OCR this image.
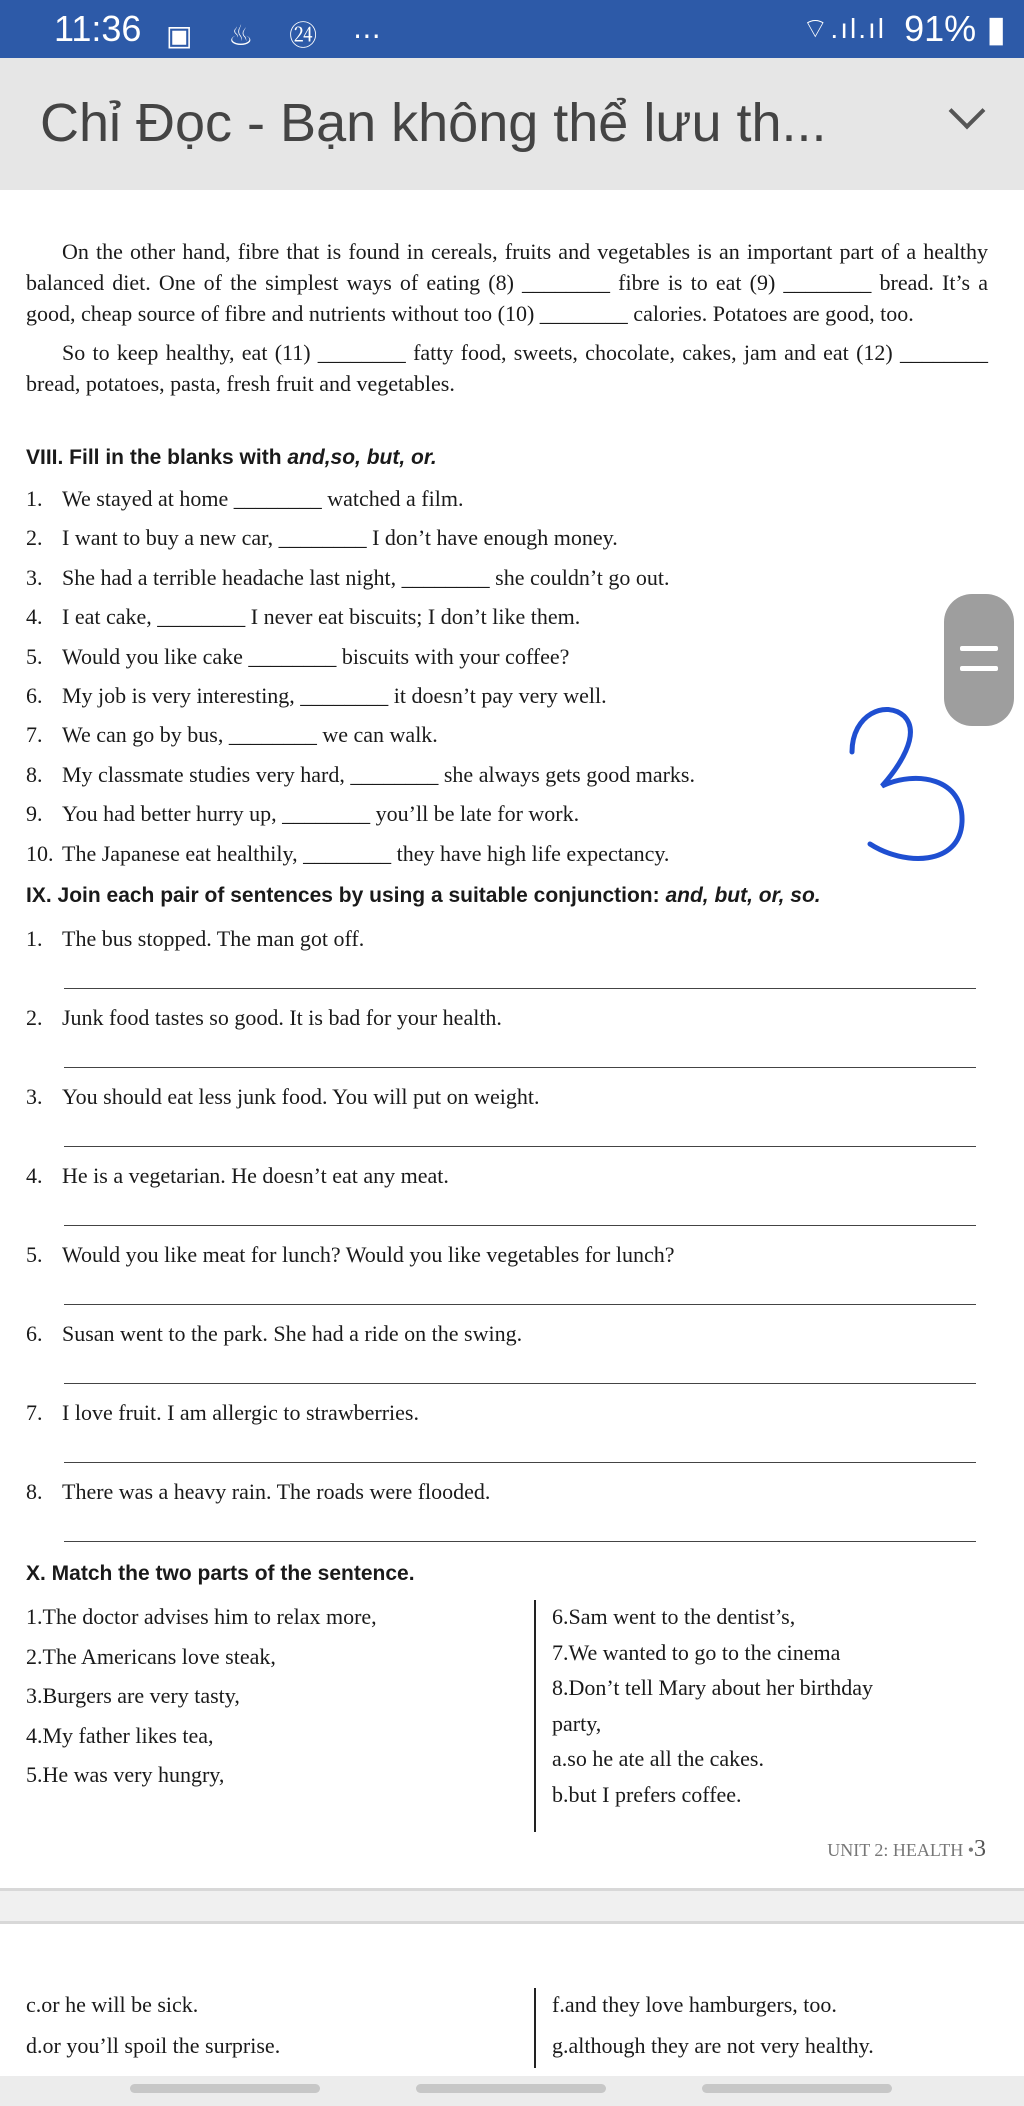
11:36 ▣ ♨ ㉔ ⋯	⌔.ıl.ıl 91% ▮
Chỉ Đọc - Bạn không thể lưu th...
On the other hand, fibre that is found in cereals, fruits and vegetables is an important part of a healthy balanced diet. One of the simplest ways of eating (8) ________ fibre is to eat (9) ________ bread. It’s a good, cheap source of fibre and nutrients without too (10) ________ calories. Potatoes are good, too.
So to keep healthy, eat (11) ________ fatty food, sweets, chocolate, cakes, jam and eat (12) ________ bread, potatoes, pasta, fresh fruit and vegetables.
VIII. Fill in the blanks with and,so, but, or.
1. We stayed at home ________ watched a film.
2. I want to buy a new car, ________ I don’t have enough money.
3. She had a terrible headache last night, ________ she couldn’t go out.
4. I eat cake, ________ I never eat biscuits; I don’t like them.
5. Would you like cake ________ biscuits with your coffee?
6. My job is very interesting, ________ it doesn’t pay very well.
7. We can go by bus, ________ we can walk.
8. My classmate studies very hard, ________ she always gets good marks.
9. You had better hurry up, ________ you’ll be late for work.
10. The Japanese eat healthily, ________ they have high life expectancy.
IX. Join each pair of sentences by using a suitable conjunction: and, but, or, so.
1. The bus stopped. The man got off.
2. Junk food tastes so good. It is bad for your health.
3. You should eat less junk food. You will put on weight.
4. He is a vegetarian. He doesn’t eat any meat.
5. Would you like meat for lunch? Would you like vegetables for lunch?
6. Susan went to the park. She had a ride on the swing.
7. I love fruit. I am allergic to strawberries.
8. There was a heavy rain. The roads were flooded.
X. Match the two parts of the sentence.
1.The doctor advises him to relax more,
2.The Americans love steak,
3.Burgers are very tasty,
4.My father likes tea,
5.He was very hungry,
6.Sam went to the dentist’s,
7.We wanted to go to the cinema
8.Don’t tell Mary about her birthday
party,
a.so he ate all the cakes.
b.but I prefers coffee.
UNIT 2: HEALTH •3
c.or he will be sick.
d.or you’ll spoil the surprise.
f.and they love hamburgers, too.
g.although they are not very healthy.
